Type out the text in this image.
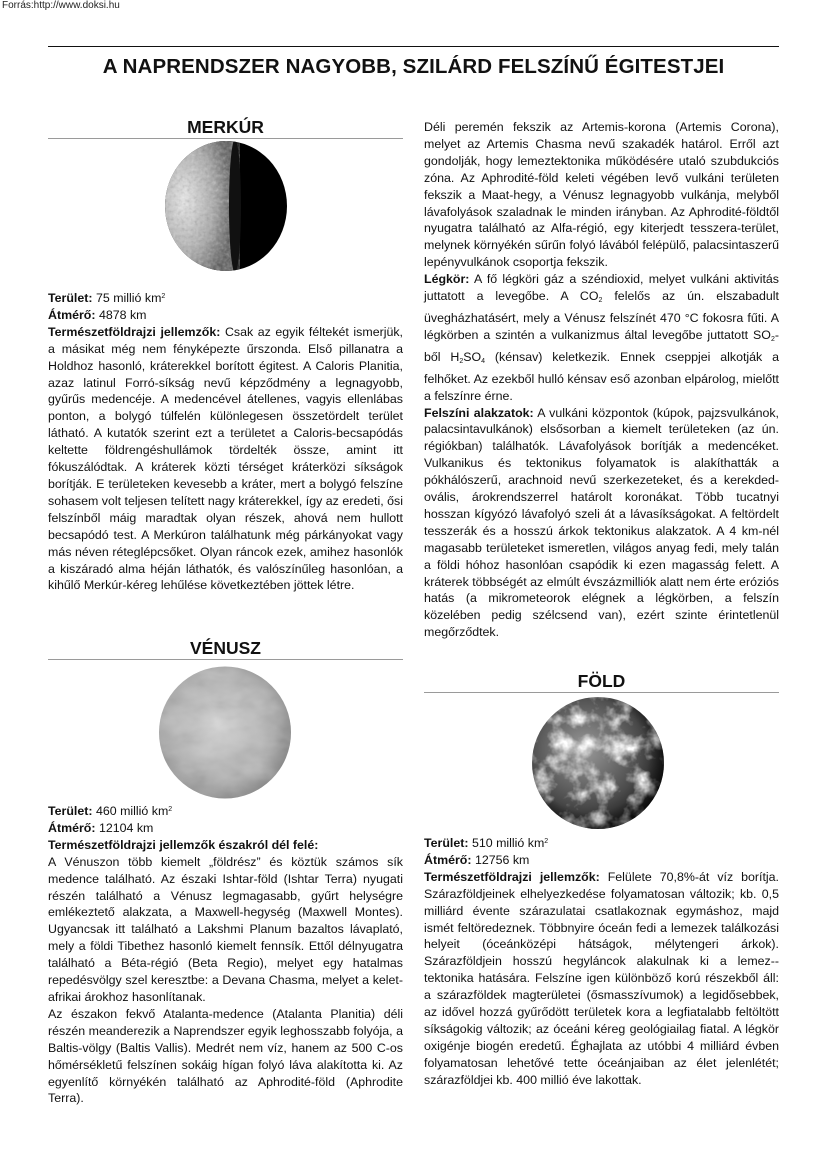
Forrás:http://www.doksi.hu
A NAPRENDSZER NAGYOBB, SZILÁRD FELSZÍNŰ ÉGITESTJEI
MERKÚR

Terület: 75 millió $km^2$

Átmérő: 4878 km

Természetföldrajzi jellemzők: Csak az egyik féltekét ismerjük, a másikat még nem fényképezte űrszonda. Első pillanatra a Holdhoz hasonló, kráterekkel borított égitest. A Caloris Planitia, azaz latinul Forró-síkság nevű képződmény a legnagyobb, gyűrűs medencéje. A medencével átellenes, vagyis ellenlábas ponton, a bolygó túlfelén különlegesen összetördelt terület látható. A kutatók szerint ezt a területet a Caloris-becsapódás keltette földrengéshullámok tördelték össze, amint itt fókuszálódtak. A kráterek közti térséget kráterközi síkságok borítják. E területeken kevesebb a kráter, mert a bolygó felszíne sohasem volt teljesen telített nagy kráterekkel, így az eredeti, ősi felszínből máig maradtak olyan részek, ahová nem hullott becsapódó test. A Merkúron találhatunk még párkányokat vagy más néven réteglépcsőket. Olyan ráncok ezek, amihez hasonlók a kiszáradó alma héján láthatók, és valószínűleg hasonlóan, a kihűlő Merkúr-kéreg lehűlése következtében jöttek létre.

VÉNUSZ

Terület: 460 millió $km^2$

Átmérő: 12104 km

Természetföldrajzi jellemzők északról dél felé:

A Vénuszon több kiemelt „földrész” és köztük számos sík medence található. Az északi Ishtar-föld (Ishtar Terra) nyugati részén található a Vénusz legmagasabb, gyűrt helységre emlékeztető alakzata, a Maxwell-hegység (Maxwell Montes). Ugyancsak itt található a Lakshmi Planum bazaltos lávaplató, mely a földi Tibethez hasonló kiemelt fennsík. Ettől délnyugatra található a Béta-régió (Beta Regio), melyet egy hatalmas repedésvölgy szel keresztbe: a Devana Chasma, melyet a kelet-afrikai árokhoz hasonlítanak.

Az északon fekvő Atalanta-medence (Atalanta Planitia) déli részén meanderezik a Naprendszer egyik leghosszabb folyója, a Baltis-völgy (Baltis Vallis). Medrét nem víz, hanem az 500 C-os hőmérsékletű felszínen sokáig hígan folyó láva alakította ki. Az egyenlítő környékén található az Aphrodité-föld (Aphrodite Terra).

Déli peremén fekszik az Artemis-korona (Artemis Corona), melyet az Artemis Chasma nevű szakadék határol. Erről azt gondolják, hogy lemeztektonika működésére utaló szubdukciós zóna. Az Aphrodité-föld keleti végében levő vulkáni területen fekszik a Maat-hegy, a Vénusz legnagyobb vulkánja, melyből lávafolyások szaladnak le minden irányban. Az Aphrodité-földtől nyugatra található az Alfa-régió, egy kiterjedt tesszera-terület, melynek környékén sűrűn folyó lávából felépülő, palacsintaszerű lepényvulkánok csoportja fekszik.

Légkör: A fő légköri gáz a széndioxid, melyet vulkáni aktivitás juttatott a levegőbe. A $CO_2$ felelős az ún. elszabadult üvegházhatásért, mely a Vénusz felszínét 470 °C fokosra fűti. A légkörben a szintén a vulkanizmus által levegőbe juttatott $SO_2$-ből $H_2SO_4$ (kénsav) keletkezik. Ennek cseppjei alkotják a felhőket. Az ezekből hulló kénsav eső azonban elpárolog, mielőtt a felszínre érne.

Felszíni alakzatok: A vulkáni központok (kúpok, pajzsvulkánok, palacsintavulkánok) elsősorban a kiemelt területeken (az ún. régiókban) találhatók. Lávafolyások borítják a medencéket. Vulkanikus és tektonikus folyamatok is alakíthatták a pókhálószerű, arachnoid nevű szerkezeteket, és a kerekded-ovális, árokrendszerrel határolt koronákat. Több tucatnyi hosszan kígyózó lávafolyó szeli át a lávasíkságokat. A feltördelt tesszerák és a hosszú árkok tektonikus alakzatok. A 4 km-nél magasabb területeket ismeretlen, világos anyag fedi, mely talán a földi hóhoz hasonlóan csapódik ki ezen magasság felett. A kráterek többségét az elmúlt évszázmilliók alatt nem érte eróziós hatás (a mikrometeorok elégnek a légkörben, a felszín közelében pedig szélcsend van), ezért szinte érintetlenül megőrződtek.

FÖLD

Terület: 510 millió $km^2$

Átmérő: 12756 km

Természetföldrajzi jellemzők: Felülete 70,8%-át víz borítja. Szárazföldjeinek elhelyezkedése folyamatosan változik; kb. 0,5 milliárd évente szárazulatai csatlakoznak egymáshoz, majd ismét feltöredeznek. Többnyire óceán fedi a lemezek találkozási helyeit (óceánközépi hátságok, mélytengeri árkok). Szárazföldjein hosszú hegyláncok alakulnak ki a lemez--tektonika hatására. Felszíne igen különböző korú részekből áll: a szárazföldek magterületei (ősmasszívumok) a legidősebbek, az idővel hozzá gyűrődött területek kora a legfiatalabb feltöltött síkságokig változik; az óceáni kéreg geológiailag fiatal. A légkör oxigénje biogén eredetű. Éghajlata az utóbbi 4 milliárd évben folyamatosan lehetővé tette óceánjaiban az élet jelenlétét; szárazföldjei kb. 400 millió éve lakottak.
